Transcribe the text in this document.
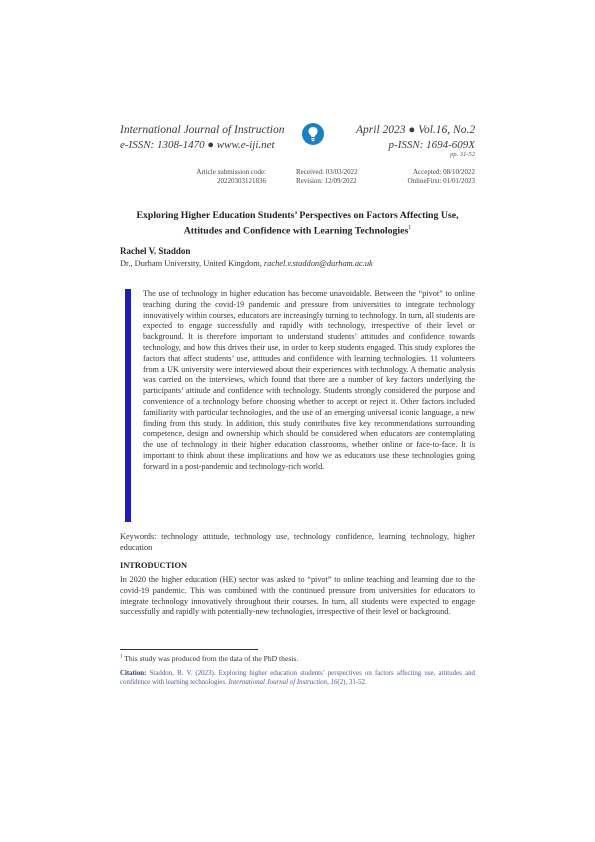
International Journal of Instruction
e-ISSN: 1308-1470 ● www.e-iji.net
April 2023 ● Vol.16, No.2
p-ISSN: 1694-609X
pp. 31-52
Article submission code:
20220303121836
Received: 03/03/2022
Revision: 12/09/2022
Accepted: 08/10/2022
OnlineFirst: 01/01/2023
Exploring Higher Education Students’ Perspectives on Factors Affecting Use, Attitudes and Confidence with Learning Technologies$^1$
Rachel V. Staddon
Dr., Durham University, United Kingdom, rachel.v.staddon@durham.ac.uk
The use of technology in higher education has become unavoidable. Between the “pivot” to online teaching during the covid-19 pandemic and pressure from universities to integrate technology innovatively within courses, educators are increasingly turning to technology. In turn, all students are expected to engage successfully and rapidly with technology, irrespective of their level or background. It is therefore important to understand students’ attitudes and confidence towards technology, and how this drives their use, in order to keep students engaged. This study explores the factors that affect students’ use, attitudes and confidence with learning technologies. 11 volunteers from a UK university were interviewed about their experiences with technology. A thematic analysis was carried on the interviews, which found that there are a number of key factors underlying the participants’ attitude and confidence with technology. Students strongly considered the purpose and convenience of a technology before choosing whether to accept or reject it. Other factors included familiarity with particular technologies, and the use of an emerging universal iconic language, a new finding from this study. In addition, this study contributes five key recommendations surrounding competence, design and ownership which should be considered when educators are contemplating the use of technology in their higher education classrooms, whether online or face-to-face. It is important to think about these implications and how we as educators use these technologies going forward in a post-pandemic and technology-rich world.
Keywords: technology attitude, technology use, technology confidence, learning technology, higher education
INTRODUCTION
In 2020 the higher education (HE) sector was asked to “pivot” to online teaching and learning due to the covid-19 pandemic. This was combined with the continued pressure from universities for educators to integrate technology innovatively throughout their courses. In turn, all students were expected to engage successfully and rapidly with potentially-new technologies, irrespective of their level or background.
$^1$ This study was produced from the data of the PhD thesis.
Citation: Staddon, R. V. (2023). Exploring higher education students’ perspectives on factors affecting use, attitudes and confidence with learning technologies. International Journal of Instruction, 16(2), 31-52.
